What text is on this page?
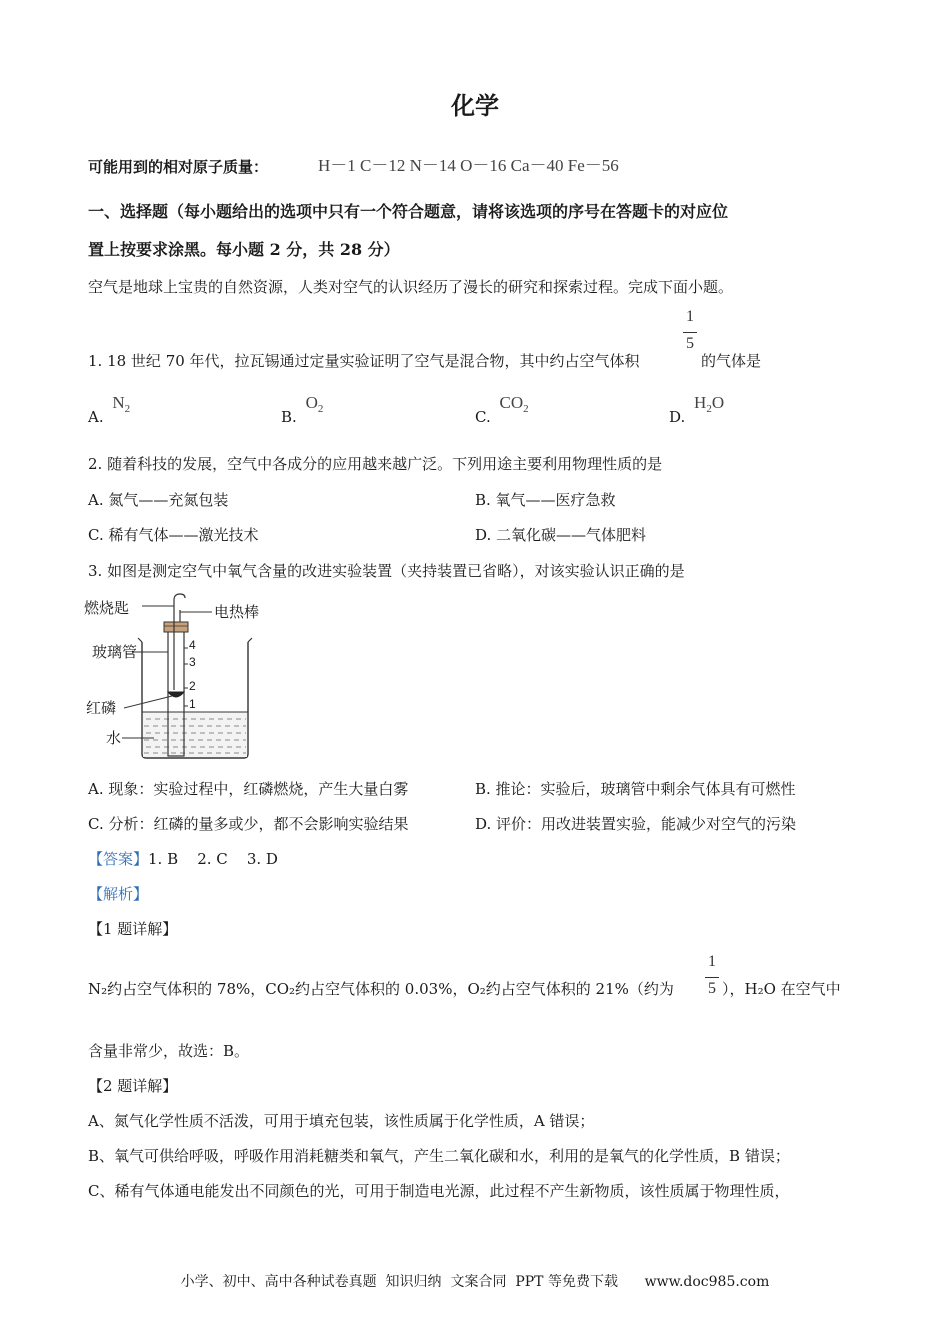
化学
可能用到的相对原子质量：	H－1 C－12 N－14 O－16 Ca－40 Fe－56
一、选择题（每小题给出的选项中只有一个符合题意，请将该选项的序号在答题卡的对应位
置上按要求涂黑。每小题 2 分，共 28 分）
空气是地球上宝贵的自然资源，人类对空气的认识经历了漫长的研究和探索过程。完成下面小题。
1
5
1. 18 世纪 70 年代，拉瓦锡通过定量实验证明了空气是混合物，其中约占空气体积	的气体是
A. $N_2$	B. $O_2$	C. $CO_2$	D. $H_2O$
2. 随着科技的发展，空气中各成分的应用越来越广泛。下列用途主要利用物理性质的是
A. 氮气——充氮包装	B. 氧气——医疗急救
C. 稀有气体——激光技术	D. 二氧化碳——气体肥料
3. 如图是测定空气中氧气含量的改进实验装置（夹持装置已省略），对该实验认识正确的是
燃烧匙	电热棒
玻璃管
红磷
水
4
3
2
1
A. 现象：实验过程中，红磷燃烧，产生大量白雾	B. 推论：实验后，玻璃管中剩余气体具有可燃性
C. 分析：红磷的量多或少，都不会影响实验结果	D. 评价：用改进装置实验，能减少对空气的污染
【答案】1. B    2. C    3. D
【解析】
【1 题详解】
1
5
N₂约占空气体积的 78%，CO₂约占空气体积的 0.03%，O₂约占空气体积的 21%（约为	），H₂O 在空气中
含量非常少，故选：B。
【2 题详解】
A、氮气化学性质不活泼，可用于填充包装，该性质属于化学性质，A 错误；
B、氧气可供给呼吸，呼吸作用消耗糖类和氧气，产生二氧化碳和水，利用的是氧气的化学性质，B 错误；
C、稀有气体通电能发出不同颜色的光，可用于制造电光源，此过程不产生新物质，该性质属于物理性质，
小学、初中、高中各种试卷真题  知识归纳  文案合同  PPT 等免费下载      www.doc985.com
